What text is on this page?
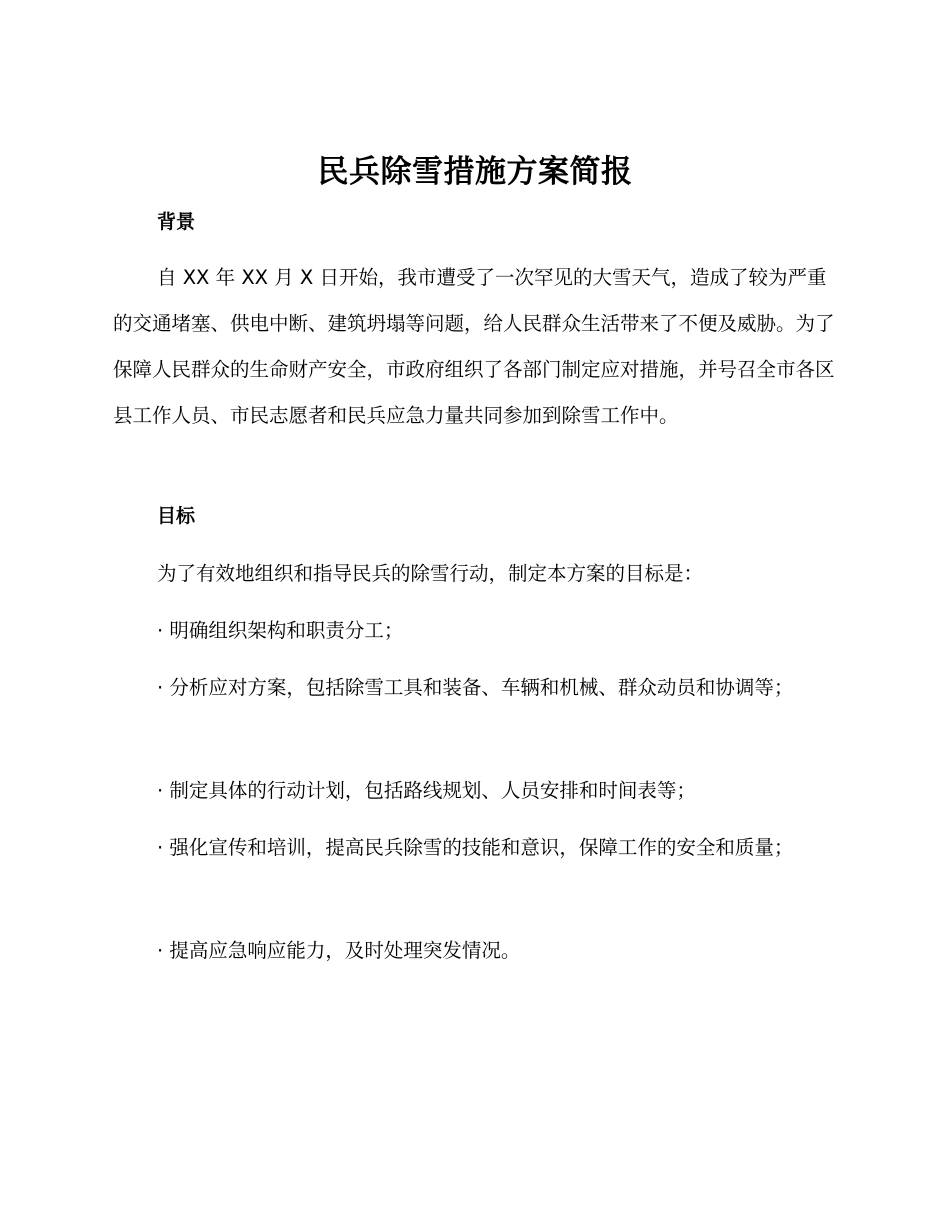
民兵除雪措施方案简报
背景

自 XX 年 XX 月 X 日开始，我市遭受了一次罕见的大雪天气，造成了较为严重的交通堵塞、供电中断、建筑坍塌等问题，给人民群众生活带来了不便及威胁。为了保障人民群众的生命财产安全，市政府组织了各部门制定应对措施，并号召全市各区县工作人员、市民志愿者和民兵应急力量共同参加到除雪工作中。

目标

为了有效地组织和指导民兵的除雪行动，制定本方案的目标是：

· 明确组织架构和职责分工；

· 分析应对方案，包括除雪工具和装备、车辆和机械、群众动员和协调等；

· 制定具体的行动计划，包括路线规划、人员安排和时间表等；

· 强化宣传和培训，提高民兵除雪的技能和意识，保障工作的安全和质量；

· 提高应急响应能力，及时处理突发情况。
